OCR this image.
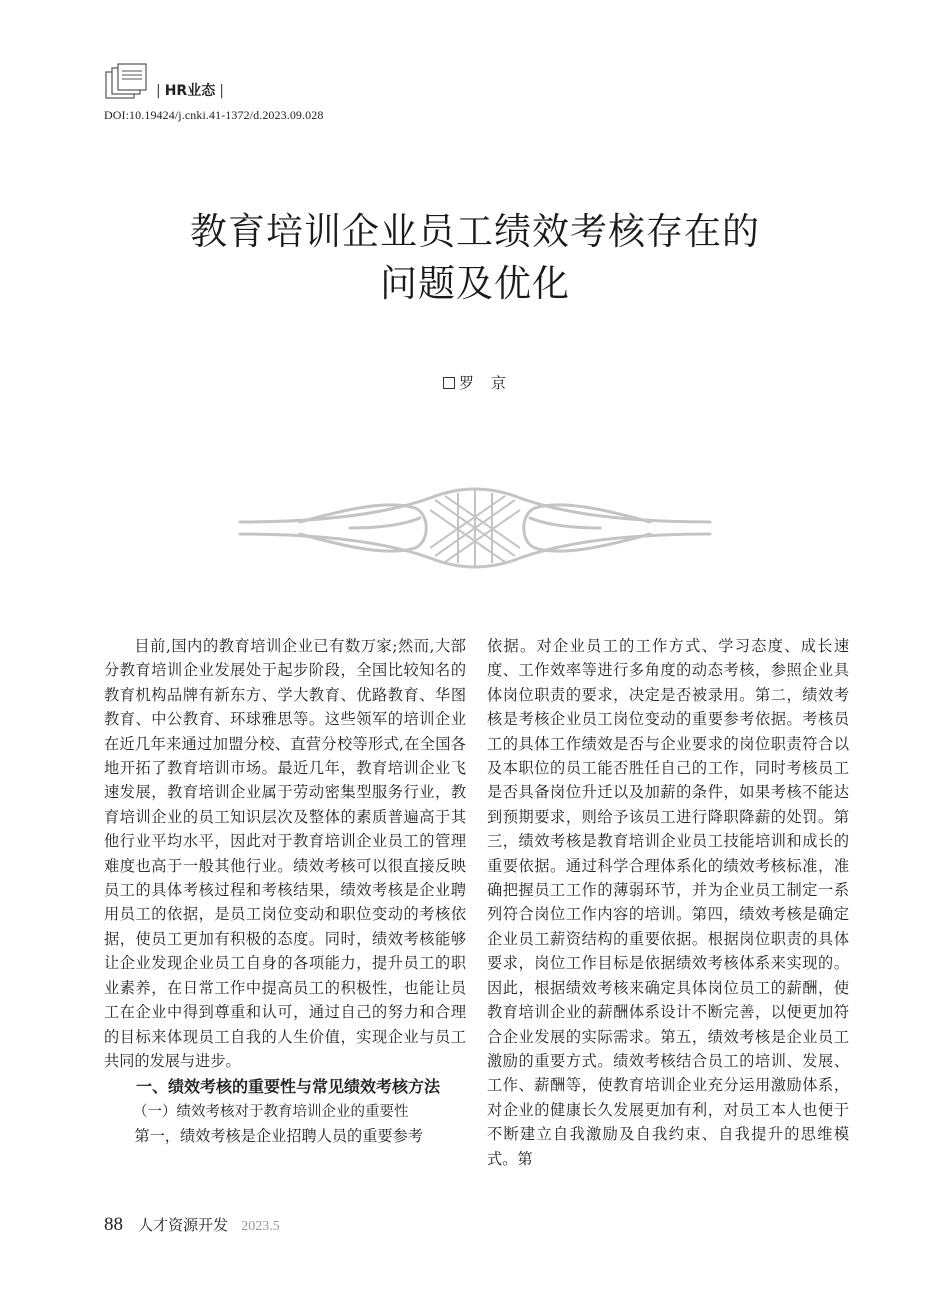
| HR业态 |
DOI:10.19424/j.cnki.41-1372/d.2023.09.028
教育培训企业员工绩效考核存在的
问题及优化
罗　京

目前,国内的教育培训企业已有数万家;然而,大部分教育培训企业发展处于起步阶段，全国比较知名的教育机构品牌有新东方、学大教育、优路教育、华图教育、中公教育、环球雅思等。这些领军的培训企业在近几年来通过加盟分校、直营分校等形式,在全国各地开拓了教育培训市场。最近几年，教育培训企业飞速发展，教育培训企业属于劳动密集型服务行业，教育培训企业的员工知识层次及整体的素质普遍高于其他行业平均水平，因此对于教育培训企业员工的管理难度也高于一般其他行业。绩效考核可以很直接反映员工的具体考核过程和考核结果，绩效考核是企业聘用员工的依据，是员工岗位变动和职位变动的考核依据，使员工更加有积极的态度。同时，绩效考核能够让企业发现企业员工自身的各项能力，提升员工的职业素养，在日常工作中提高员工的积极性，也能让员工在企业中得到尊重和认可，通过自己的努力和合理的目标来体现员工自我的人生价值，实现企业与员工共同的发展与进步。

一、绩效考核的重要性与常见绩效考核方法

（一）绩效考核对于教育培训企业的重要性

第一，绩效考核是企业招聘人员的重要参考

依据。对企业员工的工作方式、学习态度、成长速度、工作效率等进行多角度的动态考核，参照企业具体岗位职责的要求，决定是否被录用。第二，绩效考核是考核企业员工岗位变动的重要参考依据。考核员工的具体工作绩效是否与企业要求的岗位职责符合以及本职位的员工能否胜任自己的工作，同时考核员工是否具备岗位升迁以及加薪的条件，如果考核不能达到预期要求，则给予该员工进行降职降薪的处罚。第三，绩效考核是教育培训企业员工技能培训和成长的重要依据。通过科学合理体系化的绩效考核标准，准确把握员工工作的薄弱环节，并为企业员工制定一系列符合岗位工作内容的培训。第四，绩效考核是确定企业员工薪资结构的重要依据。根据岗位职责的具体要求，岗位工作目标是依据绩效考核体系来实现的。因此，根据绩效考核来确定具体岗位员工的薪酬，使教育培训企业的薪酬体系设计不断完善，以便更加符合企业发展的实际需求。第五，绩效考核是企业员工激励的重要方式。绩效考核结合员工的培训、发展、工作、薪酬等，使教育培训企业充分运用激励体系，对企业的健康长久发展更加有利，对员工本人也便于不断建立自我激励及自我约束、自我提升的思维模式。第

88 人才资源开发 2023.5
